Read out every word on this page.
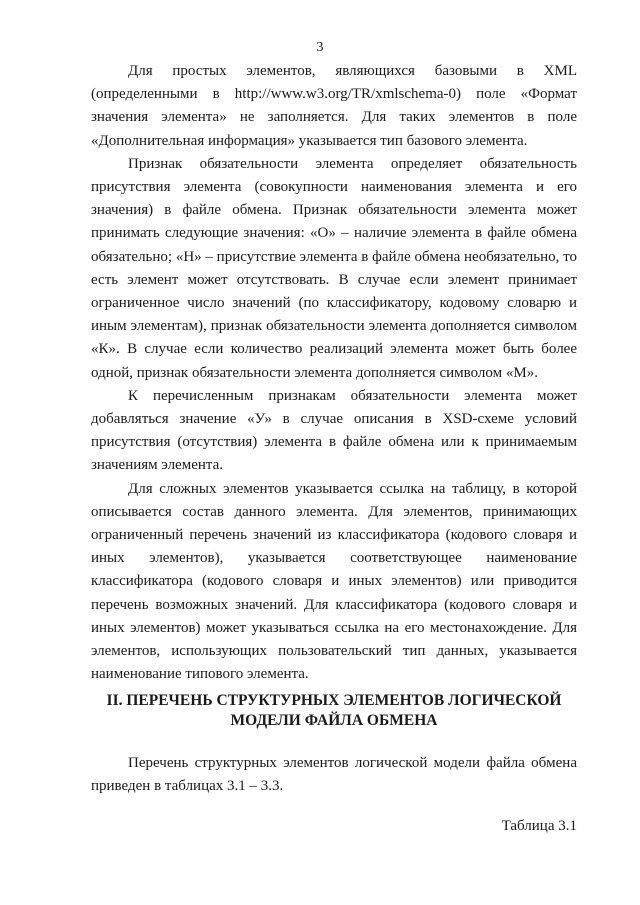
3

Для простых элементов, являющихся базовыми в XML (определенными в http://www.w3.org/TR/xmlschema-0) поле «Формат значения элемента» не заполняется. Для таких элементов в поле «Дополнительная информация» указывается тип базового элемента.

Признак обязательности элемента определяет обязательность присутствия элемента (совокупности наименования элемента и его значения) в файле обмена. Признак обязательности элемента может принимать следующие значения: «О» – наличие элемента в файле обмена обязательно; «Н» – присутствие элемента в файле обмена необязательно, то есть элемент может отсутствовать. В случае если элемент принимает ограниченное число значений (по классификатору, кодовому словарю и иным элементам), признак обязательности элемента дополняется символом «К». В случае если количество реализаций элемента может быть более одной, признак обязательности элемента дополняется символом «М».

К перечисленным признакам обязательности элемента может добавляться значение «У» в случае описания в XSD-схеме условий присутствия (отсутствия) элемента в файле обмена или к принимаемым значениям элемента.

Для сложных элементов указывается ссылка на таблицу, в которой описывается состав данного элемента. Для элементов, принимающих ограниченный перечень значений из классификатора (кодового словаря и иных элементов), указывается соответствующее наименование классификатора (кодового словаря и иных элементов) или приводится перечень возможных значений. Для классификатора (кодового словаря и иных элементов) может указываться ссылка на его местонахождение. Для элементов, использующих пользовательский тип данных, указывается наименование типового элемента.

II. ПЕРЕЧЕНЬ СТРУКТУРНЫХ ЭЛЕМЕНТОВ ЛОГИЧЕСКОЙ
МОДЕЛИ ФАЙЛА ОБМЕНА

Перечень структурных элементов логической модели файла обмена приведен в таблицах 3.1 – 3.3.

Таблица 3.1
